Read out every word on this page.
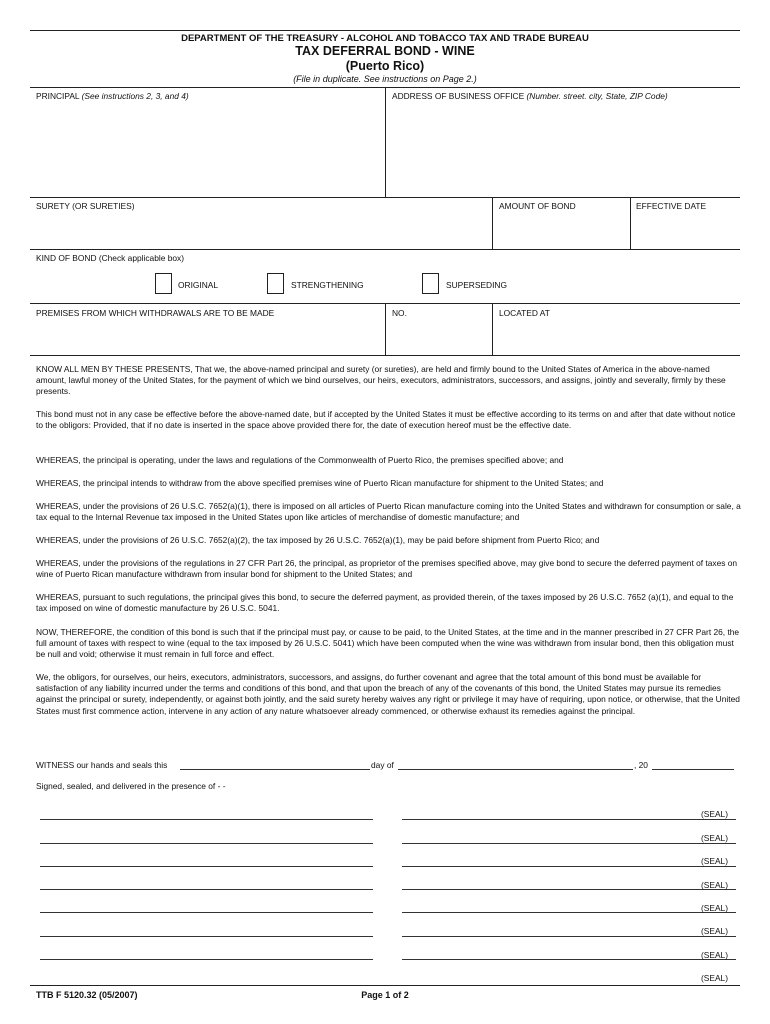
DEPARTMENT OF THE TREASURY - ALCOHOL AND TOBACCO TAX AND TRADE BUREAU
TAX DEFERRAL BOND - WINE
(Puerto Rico)
(File in duplicate. See instructions on Page 2.)
PRINCIPAL (See instructions 2, 3, and 4)	ADDRESS OF BUSINESS OFFICE (Number. street. city, State, ZIP Code)
SURETY (OR SURETIES)	AMOUNT OF BOND	EFFECTIVE DATE
KIND OF BOND (Check applicable box)
ORIGINAL	STRENGTHENING	SUPERSEDING
PREMISES FROM WHICH WITHDRAWALS ARE TO BE MADE	NO.	LOCATED AT
KNOW ALL MEN BY THESE PRESENTS, That we, the above-named principal and surety (or sureties), are held and firmly bound to the United States of America in the above-named amount, lawful money of the United States, for the payment of which we bind ourselves, our heirs, executors, administrators, successors, and assigns, jointly and severally, firmly by these presents.
This bond must not in any case be effective before the above-named date, but if accepted by the United States it must be effective according to its terms on and after that date without notice to the obligors: Provided, that if no date is inserted in the space above provided there for, the date of execution hereof must be the effective date.
WHEREAS, the principal is operating, under the laws and regulations of the Commonwealth of Puerto Rico, the premises specified above; and
WHEREAS, the principal intends to withdraw from the above specified premises wine of Puerto Rican manufacture for shipment to the United States; and
WHEREAS, under the provisions of 26 U.S.C. 7652(a)(1), there is imposed on all articles of Puerto Rican manufacture coming into the United States and withdrawn for consumption or sale, a tax equal to the Internal Revenue tax imposed in the United States upon like articles of merchandise of domestic manufacture; and
WHEREAS, under the provisions of 26 U.S.C. 7652(a)(2), the tax imposed by 26 U.S.C. 7652(a)(1), may be paid before shipment from Puerto Rico; and
WHEREAS, under the provisions of the regulations in 27 CFR Part 26, the principal, as proprietor of the premises specified above, may give bond to secure the deferred payment of taxes on wine of Puerto Rican manufacture withdrawn from insular bond for shipment to the United States; and
WHEREAS, pursuant to such regulations, the principal gives this bond, to secure the deferred payment, as provided therein, of the taxes imposed by 26 U.S.C. 7652 (a)(1), and equal to the tax imposed on wine of domestic manufacture by 26 U.S.C. 5041.
NOW, THEREFORE, the condition of this bond is such that if the principal must pay, or cause to be paid, to the United States, at the time and in the manner prescribed in 27 CFR Part 26, the full amount of taxes with respect to wine (equal to the tax imposed by 26 U.S.C. 5041) which have been computed when the wine was withdrawn from insular bond, then this obligation must be null and void; otherwise it must remain in full force and effect.
We, the obligors, for ourselves, our heirs, executors, administrators, successors, and assigns, do further covenant and agree that the total amount of this bond must be available for satisfaction of any liability incurred under the terms and conditions of this bond, and that upon the breach of any of the covenants of this bond, the United States may pursue its remedies against the principal or surety, independently, or against both jointly, and the said surety hereby waives any right or privilege it may have of requiring, upon notice, or otherwise, that the United States must first commence action, intervene in any action of any nature whatsoever already commenced, or otherwise exhaust its remedies against the principal.
WITNESS our hands and seals this	day of	, 20
Signed, sealed, and delivered in the presence of - -
(SEAL)
(SEAL)
(SEAL)
(SEAL)
(SEAL)
(SEAL)
(SEAL)
(SEAL)
TTB F 5120.32 (05/2007)	Page 1 of 2
